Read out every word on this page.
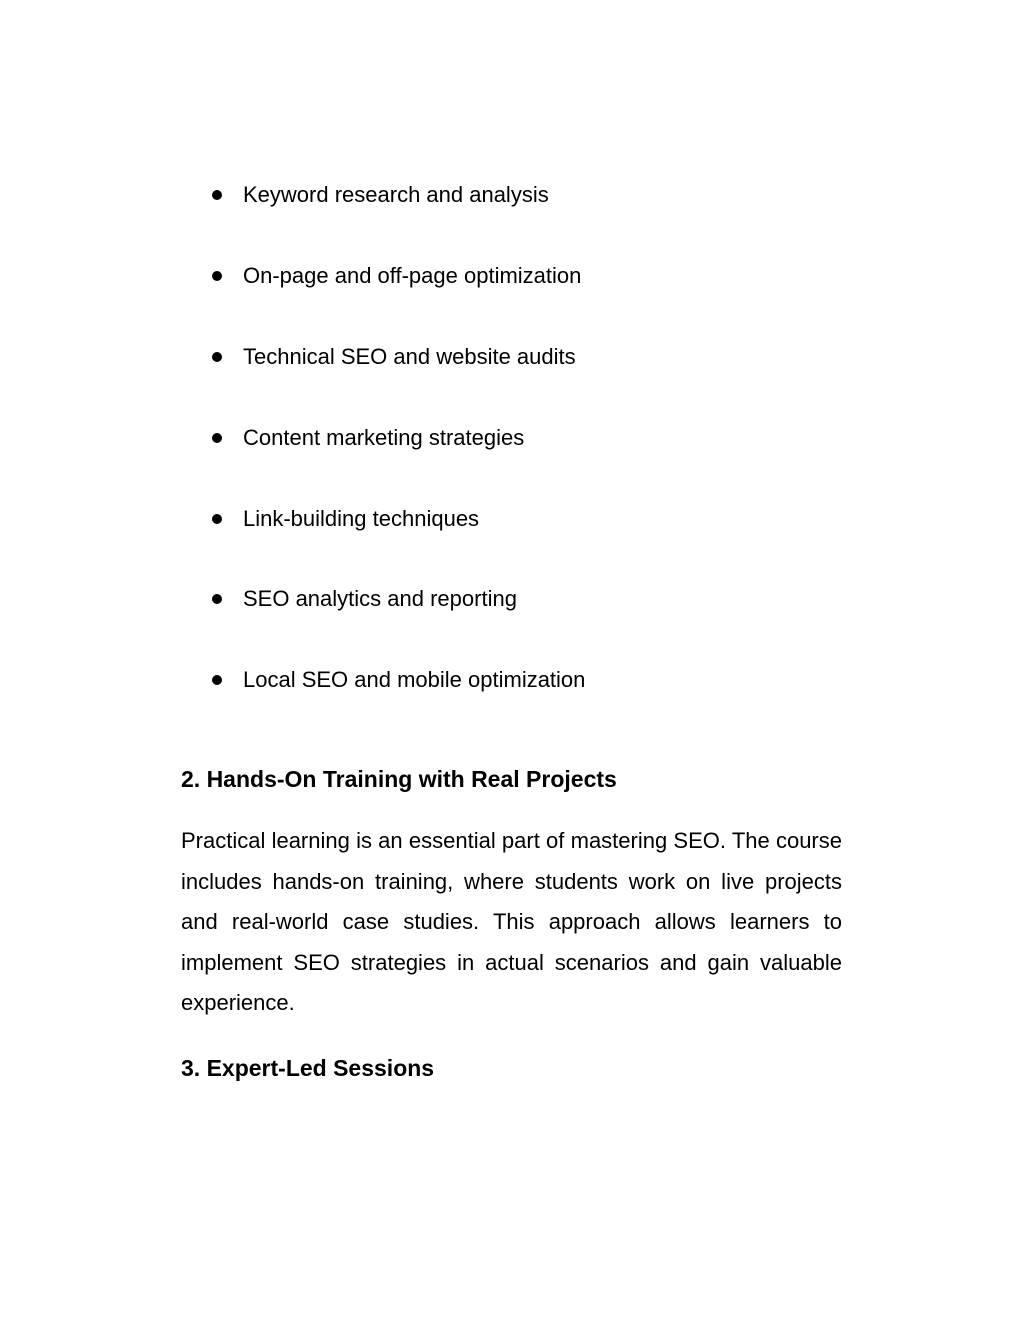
Keyword research and analysis
On-page and off-page optimization
Technical SEO and website audits
Content marketing strategies
Link-building techniques
SEO analytics and reporting
Local SEO and mobile optimization
2. Hands-On Training with Real Projects

Practical learning is an essential part of mastering SEO. The course includes hands-on training, where students work on live projects and real-world case studies. This approach allows learners to implement SEO strategies in actual scenarios and gain valuable experience.

3. Expert-Led Sessions
